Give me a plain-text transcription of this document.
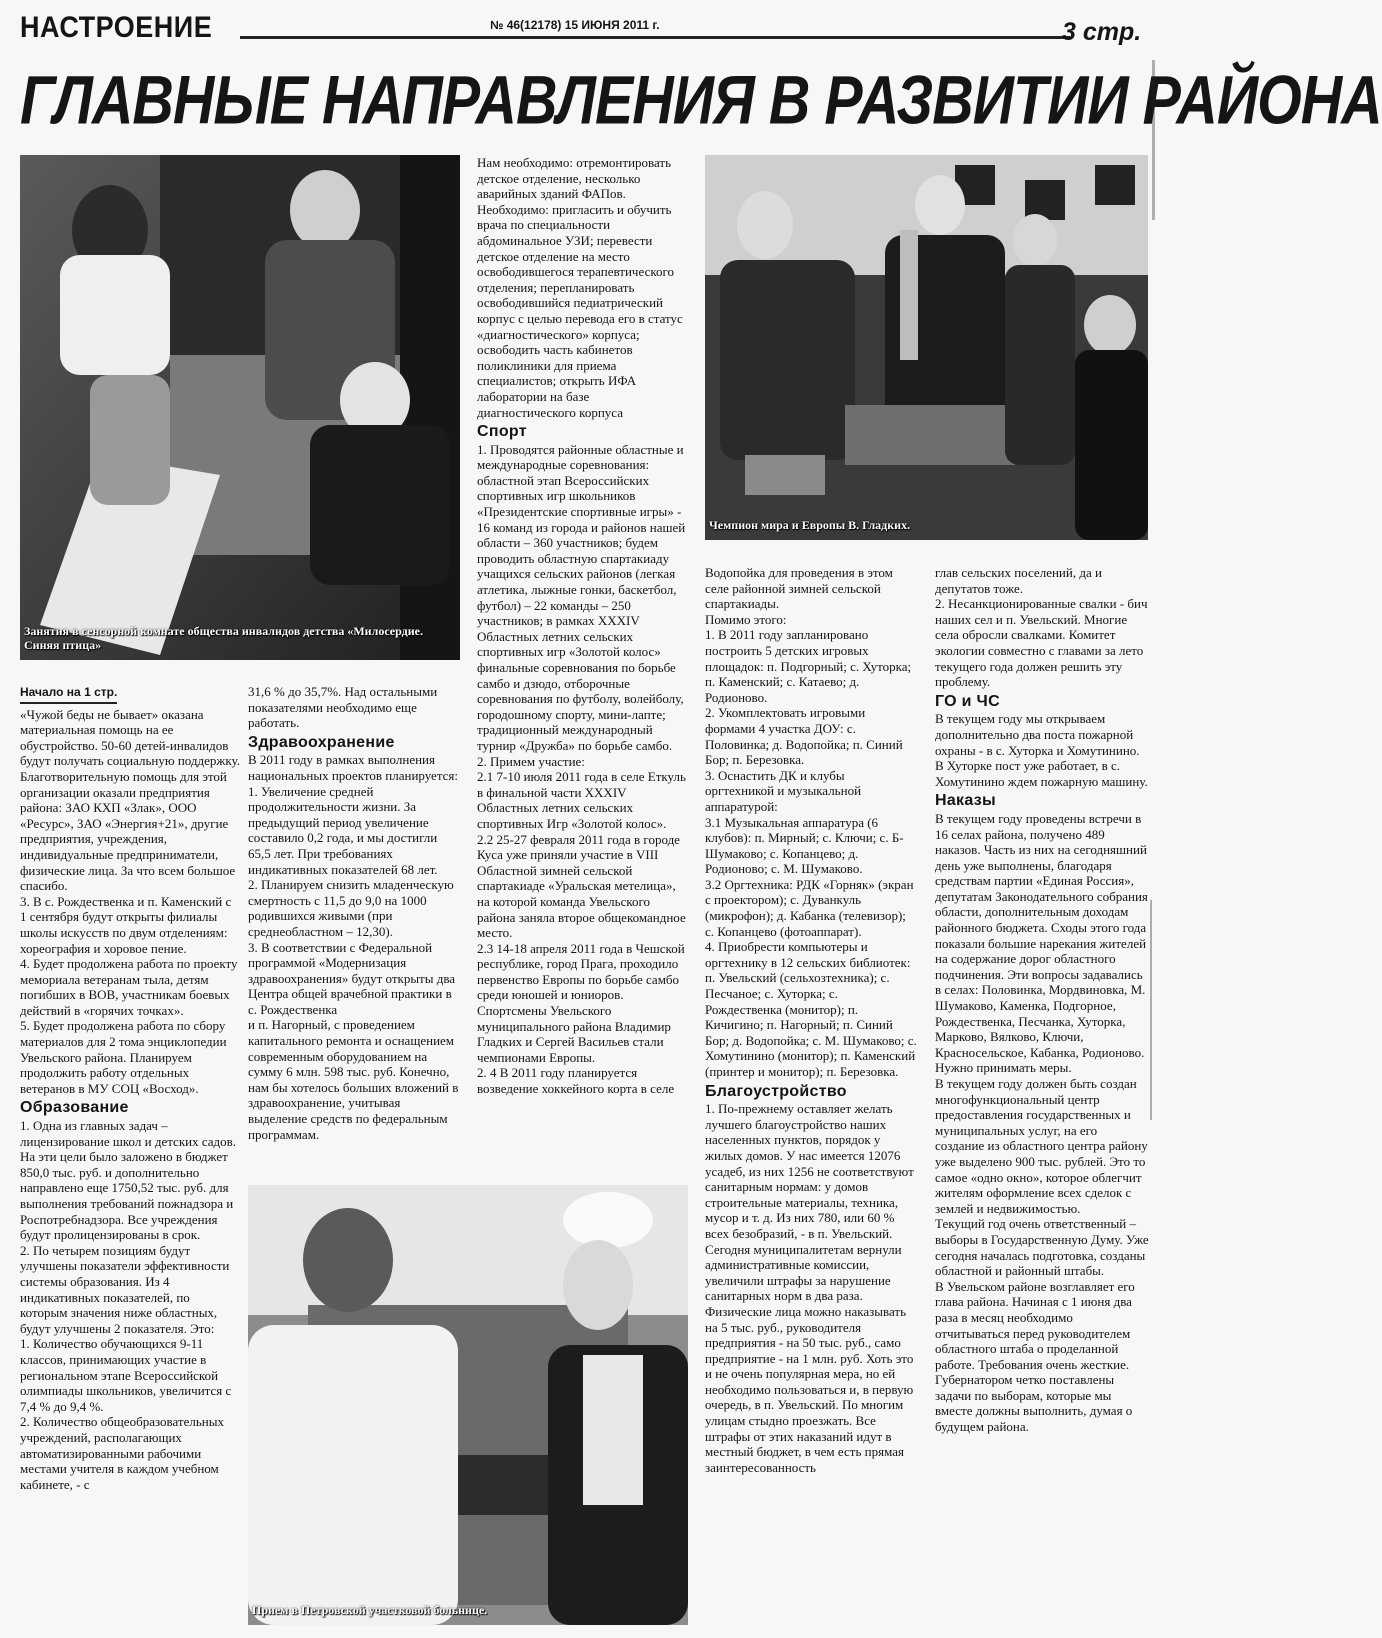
НАСТРОЕНИЕ	№ 46(12178) 15 ИЮНЯ 2011 г.	3 стр.
ГЛАВНЫЕ НАПРАВЛЕНИЯ В РАЗВИТИИ РАЙОНА
Занятия в сенсорной комнате общества инвалидов детства «Милосердие. Синяя птица»
Чемпион мира и Европы В. Гладких.
Прием в Петровской участковой больнице.
Начало на 1 стр.

«Чужой беды не бывает» оказана материальная помощь на ее обустройство. 50-60 детей-инвалидов будут получать социальную поддержку.

Благотворительную помощь для этой организации оказали предприятия района: ЗАО КХП «Злак», ООО «Ресурс», ЗАО «Энергия+21», другие предприятия, учреждения, индивидуальные предприниматели, физические лица. За что всем большое спасибо.

3. В с. Рождественка и п. Каменский с 1 сентября будут открыты филиалы школы искусств по двум отделениям: хореография и хоровое пение.

4. Будет продолжена работа по проекту мемориала ветеранам тыла, детям погибших в ВОВ, участникам боевых действий в «горячих точках».

5. Будет продолжена работа по сбору материалов для 2 тома энциклопедии Увельского района. Планируем продолжить работу отдельных ветеранов в МУ СОЦ «Восход».

Образование

1. Одна из главных задач – лицензирование школ и детских садов. На эти цели было заложено в бюджет 850,0 тыс. руб. и дополнительно направлено еще 1750,52 тыс. руб. для выполнения требований пожнадзора и Роспотребнадзора. Все учреждения будут пролицензированы в срок.

2. По четырем позициям будут улучшены показатели эффективности системы образования. Из 4 индикативных показателей, по которым значения ниже областных, будут улучшены 2 показателя. Это:

1. Количество обучающихся 9-11 классов, принимающих участие в региональном этапе Всероссийской олимпиады школьников, увеличится с 7,4 % до 9,4 %.

2. Количество общеобразовательных учреждений, располагающих автоматизированными рабочими местами учителя в каждом учебном кабинете, - с

31,6 % до 35,7%. Над остальными показателями необходимо еще работать.

Здравоохранение

В 2011 году в рамках выполнения национальных проектов планируется:

1. Увеличение средней продолжительности жизни. За предыдущий период увеличение составило 0,2 года, и мы достигли 65,5 лет. При требованиях индикативных показателей 68 лет.

2. Планируем снизить младенческую смертность с 11,5 до 9,0 на 1000 родившихся живыми (при среднеобластном – 12,30).

3. В соответствии с Федеральной программой «Модернизация здравоохранения» будут открыты два Центра общей врачебной практики в с. Рождественка

и п. Нагорный, с проведением капитального ремонта и оснащением современным оборудованием на сумму 6 млн. 598 тыс. руб. Конечно, нам бы хотелось больших вложений в здравоохранение, учитывая выделение средств по федеральным программам.

Нам необходимо: отремонтировать детское отделение, несколько аварийных зданий ФАПов.

Необходимо: пригласить и обучить врача по специальности абдоминальное УЗИ; перевести детское отделение на место освободившегося терапевтического отделения; перепланировать освободившийся педиатрический корпус с целью перевода его в статус «диагностического» корпуса; освободить часть кабинетов поликлиники для приема специалистов; открыть ИФА лаборатории на базе диагностического корпуса

Спорт

1. Проводятся районные областные и международные соревнования:

областной этап Всероссийских спортивных игр школьников «Президентские спортивные игры» - 16 команд из города и районов нашей области – 360 участников; будем проводить областную спартакиаду учащихся сельских районов (легкая атлетика, лыжные гонки, баскетбол, футбол) – 22 команды – 250 участников; в рамках XXXIV Областных летних сельских спортивных игр «Золотой колос» финальные соревнования по борьбе самбо и дзюдо, отборочные соревнования по футболу, волейболу, городошному спорту, мини-лапте; традиционный международный турнир «Дружба» по борьбе самбо.

2. Примем участие:

2.1 7-10 июля 2011 года в селе Еткуль в финальной части XXXIV Областных летних сельских спортивных Игр «Золотой колос».

2.2 25-27 февраля 2011 года в городе Куса уже приняли участие в VIII Областной зимней сельской спартакиаде «Уральская метелица», на которой команда Увельского района заняла второе общекомандное место.

2.3 14-18 апреля 2011 года в Чешской республике, город Прага, проходило первенство Европы по борьбе самбо среди юношей и юниоров. Спортсмены Увельского муниципального района Владимир Гладких и Сергей Васильев стали чемпионами Европы.

2. 4 В 2011 году планируется возведение хоккейного корта в селе

Водопойка для проведения в этом селе районной зимней сельской спартакиады.

Помимо этого:

1. В 2011 году запланировано построить 5 детских игровых площадок: п. Подгорный; с. Хуторка; п. Каменский; с. Катаево; д. Родионово.

2. Укомплектовать игровыми формами 4 участка ДОУ: с. Половинка; д. Водопойка; п. Синий Бор; п. Березовка.

3. Оснастить ДК и клубы оргтехникой и музыкальной аппаратурой:

3.1 Музыкальная аппаратура (6 клубов): п. Мирный; с. Ключи; с. Б-Шумаково; с. Копанцево; д. Родионово; с. М. Шумаково.

3.2 Оргтехника: РДК «Горняк» (экран с проектором); с. Дуванкуль (микрофон); д. Кабанка (телевизор); с. Копанцево (фотоаппарат).

4. Приобрести компьютеры и оргтехнику в 12 сельских библиотек: п. Увельский (сельхозтехника); с. Песчаное; с. Хуторка; с. Рождественка (монитор); п. Кичигино; п. Нагорный; п. Синий Бор; д. Водопойка; с. М. Шумаково; с. Хомутинино (монитор); п. Каменский (принтер и монитор); п. Березовка.

Благоустройство

1. По-прежнему оставляет желать лучшего благоустройство наших населенных пунктов, порядок у жилых домов. У нас имеется 12076 усадеб, из них 1256 не соответствуют санитарным нормам: у домов строительные материалы, техника, мусор и т. д. Из них 780, или 60 % всех безобразий, - в п. Увельский. Сегодня муниципалитетам вернули административные комиссии, увеличили штрафы за нарушение санитарных норм в два раза. Физические лица можно наказывать на 5 тыс. руб., руководителя предприятия - на 50 тыс. руб., само предприятие - на 1 млн. руб. Хоть это и не очень популярная мера, но ей необходимо пользоваться и, в первую очередь, в п. Увельский. По многим улицам стыдно проезжать. Все штрафы от этих наказаний идут в местный бюджет, в чем есть прямая заинтересованность

глав сельских поселений, да и депутатов тоже.

2. Несанкционированные свалки - бич наших сел и п. Увельский. Многие села обросли свалками. Комитет экологии совместно с главами за лето текущего года должен решить эту проблему.

ГО и ЧС

В текущем году мы открываем дополнительно два поста пожарной охраны - в с. Хуторка и Хомутинино. В Хуторке пост уже работает, в с. Хомутинино ждем пожарную машину.

Наказы

В текущем году проведены встречи в 16 селах района, получено 489 наказов. Часть из них на сегодняшний день уже выполнены, благодаря средствам партии «Единая Россия», депутатам Законодательного собрания области, дополнительным доходам районного бюджета. Сходы этого года показали большие нарекания жителей на содержание дорог областного подчинения. Эти вопросы задавались в селах: Половинка, Мордвиновка, М. Шумаково, Каменка, Подгорное, Рождественка, Песчанка, Хуторка, Марково, Вялково, Ключи, Красносельское, Кабанка, Родионово. Нужно принимать меры.

В текущем году должен быть создан многофункциональный центр предоставления государственных и муниципальных услуг, на его создание из областного центра району уже выделено 900 тыс. рублей. Это то самое «одно окно», которое облегчит жителям оформление всех сделок с землей и недвижимостью.

Текущий год очень ответственный – выборы в Государственную Думу. Уже сегодня началась подготовка, созданы областной и районный штабы.

В Увельском районе возглавляет его глава района. Начиная с 1 июня два раза в месяц необходимо отчитываться перед руководителем областного штаба о проделанной работе. Требования очень жесткие. Губернатором четко поставлены задачи по выборам, которые мы вместе должны выполнить, думая о будущем района.
